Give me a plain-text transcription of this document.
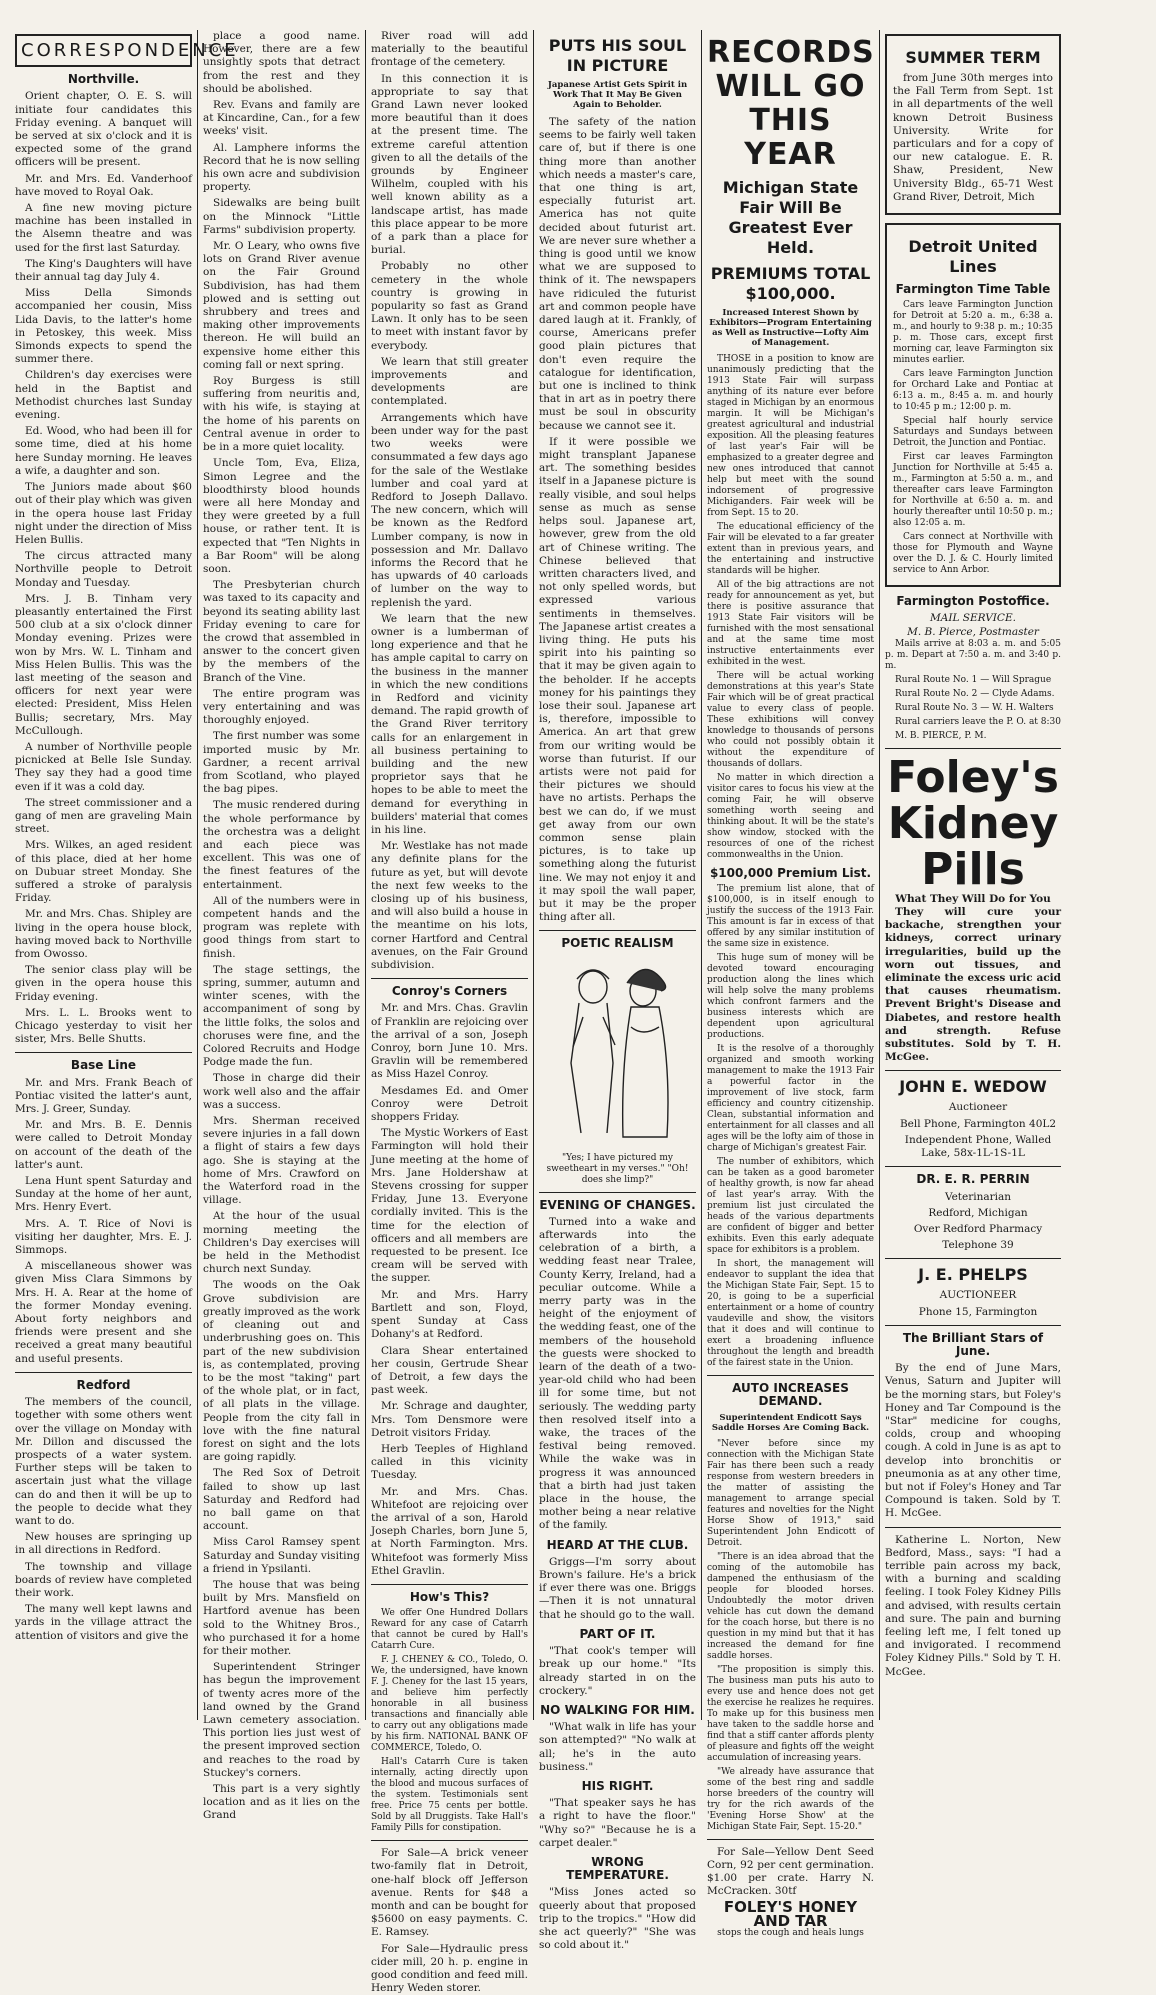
CORRESPONDENCE
Northville.

Orient chapter, O. E. S. will initiate four candidates this Friday evening. A banquet will be served at six o'clock and it is expected some of the grand officers will be present.

Mr. and Mrs. Ed. Vanderhoof have moved to Royal Oak.

A fine new moving picture machine has been installed in the Alsemn theatre and was used for the first last Saturday.

The King's Daughters will have their annual tag day July 4.

Miss Della Simonds accompanied her cousin, Miss Lida Davis, to the latter's home in Petoskey, this week. Miss Simonds expects to spend the summer there.

Children's day exercises were held in the Baptist and Methodist churches last Sunday evening.

Ed. Wood, who had been ill for some time, died at his home here Sunday morning. He leaves a wife, a daughter and son.

The Juniors made about $60 out of their play which was given in the opera house last Friday night under the direction of Miss Helen Bullis.

The circus attracted many Northville people to Detroit Monday and Tuesday.

Mrs. J. B. Tinham very pleasantly entertained the First 500 club at a six o'clock dinner Monday evening. Prizes were won by Mrs. W. L. Tinham and Miss Helen Bullis. This was the last meeting of the season and officers for next year were elected: President, Miss Helen Bullis; secretary, Mrs. May McCullough.

A number of Northville people picnicked at Belle Isle Sunday. They say they had a good time even if it was a cold day.

The street commissioner and a gang of men are graveling Main street.

Mrs. Wilkes, an aged resident of this place, died at her home on Dubuar street Monday. She suffered a stroke of paralysis Friday.

Mr. and Mrs. Chas. Shipley are living in the opera house block, having moved back to Northville from Owosso.

The senior class play will be given in the opera house this Friday evening.

Mrs. L. L. Brooks went to Chicago yesterday to visit her sister, Mrs. Belle Shutts.

Base Line

Mr. and Mrs. Frank Beach of Pontiac visited the latter's aunt, Mrs. J. Greer, Sunday.

Mr. and Mrs. B. E. Dennis were called to Detroit Monday on account of the death of the latter's aunt.

Lena Hunt spent Saturday and Sunday at the home of her aunt, Mrs. Henry Evert.

Mrs. A. T. Rice of Novi is visiting her daughter, Mrs. E. J. Simmops.

A miscellaneous shower was given Miss Clara Simmons by Mrs. H. A. Rear at the home of the former Monday evening. About forty neighbors and friends were present and she received a great many beautiful and useful presents.

Redford

The members of the council, together with some others went over the village on Monday with Mr. Dillon and discussed the prospects of a water system. Further steps will be taken to ascertain just what the village can do and then it will be up to the people to decide what they want to do.

New houses are springing up in all directions in Redford.

The township and village boards of review have completed their work.

The many well kept lawns and yards in the village attract the attention of visitors and give the

place a good name. However, there are a few unsightly spots that detract from the rest and they should be abolished.

Rev. Evans and family are at Kincardine, Can., for a few weeks' visit.

Al. Lamphere informs the Record that he is now selling his own acre and subdivision property.

Sidewalks are being built on the Minnock "Little Farms" subdivision property.

Mr. O Leary, who owns five lots on Grand River avenue on the Fair Ground Subdivision, has had them plowed and is setting out shrubbery and trees and making other improvements thereon. He will build an expensive home either this coming fall or next spring.

Roy Burgess is still suffering from neuritis and, with his wife, is staying at the home of his parents on Central avenue in order to be in a more quiet locality.

Uncle Tom, Eva, Eliza, Simon Legree and the bloodthirsty blood hounds were all here Monday and they were greeted by a full house, or rather tent. It is expected that "Ten Nights in a Bar Room" will be along soon.

The Presbyterian church was taxed to its capacity and beyond its seating ability last Friday evening to care for the crowd that assembled in answer to the concert given by the members of the Branch of the Vine.

The entire program was very entertaining and was thoroughly enjoyed.

The first number was some imported music by Mr. Gardner, a recent arrival from Scotland, who played the bag pipes.

The music rendered during the whole performance by the orchestra was a delight and each piece was excellent. This was one of the finest features of the entertainment.

All of the numbers were in competent hands and the program was replete with good things from start to finish.

The stage settings, the spring, summer, autumn and winter scenes, with the accompaniment of song by the little folks, the solos and choruses were fine, and the Colored Recruits and Hodge Podge made the fun.

Those in charge did their work well also and the affair was a success.

Mrs. Sherman received severe injuries in a fall down a flight of stairs a few days ago. She is staying at the home of Mrs. Crawford on the Waterford road in the village.

At the hour of the usual morning meeting the Children's Day exercises will be held in the Methodist church next Sunday.

The woods on the Oak Grove subdivision are greatly improved as the work of cleaning out and underbrushing goes on. This part of the new subdivision is, as contemplated, proving to be the most "taking" part of the whole plat, or in fact, of all plats in the village. People from the city fall in love with the fine natural forest on sight and the lots are going rapidly.

The Red Sox of Detroit failed to show up last Saturday and Redford had no ball game on that account.

Miss Carol Ramsey spent Saturday and Sunday visiting a friend in Ypsilanti.

The house that was being built by Mrs. Mansfield on Hartford avenue has been sold to the Whitney Bros., who purchased it for a home for their mother.

Superintendent Stringer has begun the improvement of twenty acres more of the land owned by the Grand Lawn cemetery association. This portion lies just west of the present improved section and reaches to the road by Stuckey's corners.

This part is a very sightly location and as it lies on the Grand

River road will add materially to the beautiful frontage of the cemetery.

In this connection it is appropriate to say that Grand Lawn never looked more beautiful than it does at the present time. The extreme careful attention given to all the details of the grounds by Engineer Wilhelm, coupled with his well known ability as a landscape artist, has made this place appear to be more of a park than a place for burial.

Probably no other cemetery in the whole country is growing in popularity so fast as Grand Lawn. It only has to be seen to meet with instant favor by everybody.

We learn that still greater improvements and developments are contemplated.

Arrangements which have been under way for the past two weeks were consummated a few days ago for the sale of the Westlake lumber and coal yard at Redford to Joseph Dallavo. The new concern, which will be known as the Redford Lumber company, is now in possession and Mr. Dallavo informs the Record that he has upwards of 40 carloads of lumber on the way to replenish the yard.

We learn that the new owner is a lumberman of long experience and that he has ample capital to carry on the business in the manner in which the new conditions in Redford and vicinity demand. The rapid growth of the Grand River territory calls for an enlargement in all business pertaining to building and the new proprietor says that he hopes to be able to meet the demand for everything in builders' material that comes in his line.

Mr. Westlake has not made any definite plans for the future as yet, but will devote the next few weeks to the closing up of his business, and will also build a house in the meantime on his lots, corner Hartford and Central avenues, on the Fair Ground subdivision.

Conroy's Corners

Mr. and Mrs. Chas. Gravlin of Franklin are rejoicing over the arrival of a son, Joseph Conroy, born June 10. Mrs. Gravlin will be remembered as Miss Hazel Conroy.

Mesdames Ed. and Omer Conroy were Detroit shoppers Friday.

The Mystic Workers of East Farmington will hold their June meeting at the home of Mrs. Jane Holdershaw at Stevens crossing for supper Friday, June 13. Everyone cordially invited. This is the time for the election of officers and all members are requested to be present. Ice cream will be served with the supper.

Mr. and Mrs. Harry Bartlett and son, Floyd, spent Sunday at Cass Dohany's at Redford.

Clara Shear entertained her cousin, Gertrude Shear of Detroit, a few days the past week.

Mr. Schrage and daughter, Mrs. Tom Densmore were Detroit visitors Friday.

Herb Teeples of Highland called in this vicinity Tuesday.

Mr. and Mrs. Chas. Whitefoot are rejoicing over the arrival of a son, Harold Joseph Charles, born June 5, at North Farmington. Mrs. Whitefoot was formerly Miss Ethel Gravlin.

How's This?

We offer One Hundred Dollars Reward for any case of Catarrh that cannot be cured by Hall's Catarrh Cure.

F. J. CHENEY & CO., Toledo, O. We, the undersigned, have known F. J. Cheney for the last 15 years, and believe him perfectly honorable in all business transactions and financially able to carry out any obligations made by his firm. NATIONAL BANK OF COMMERCE, Toledo, O.

Hall's Catarrh Cure is taken internally, acting directly upon the blood and mucous surfaces of the system. Testimonials sent free. Price 75 cents per bottle. Sold by all Druggists. Take Hall's Family Pills for constipation.

For Sale—A brick veneer two-family flat in Detroit, one-half block off Jefferson avenue. Rents for $48 a month and can be bought for $5600 on easy payments. C. E. Ramsey.

For Sale—Hydraulic press cider mill, 20 h. p. engine in good condition and feed mill. Henry Weden storer.

PUTS HIS SOUL IN PICTURE
Japanese Artist Gets Spirit in Work That It May Be Given Again to Beholder.

The safety of the nation seems to be fairly well taken care of, but if there is one thing more than another which needs a master's care, that one thing is art, especially futurist art. America has not quite decided about futurist art. We are never sure whether a thing is good until we know what we are supposed to think of it. The newspapers have ridiculed the futurist art and common people have dared laugh at it. Frankly, of course, Americans prefer good plain pictures that don't even require the catalogue for identification, but one is inclined to think that in art as in poetry there must be soul in obscurity because we cannot see it.

If it were possible we might transplant Japanese art. The something besides itself in a Japanese picture is really visible, and soul helps sense as much as sense helps soul. Japanese art, however, grew from the old art of Chinese writing. The Chinese believed that written characters lived, and not only spelled words, but expressed various sentiments in themselves. The Japanese artist creates a living thing. He puts his spirit into his painting so that it may be given again to the beholder. If he accepts money for his paintings they lose their soul. Japanese art is, therefore, impossible to America. An art that grew from our writing would be worse than futurist. If our artists were not paid for their pictures we should have no artists. Perhaps the best we can do, if we must get away from our own common sense plain pictures, is to take up something along the futurist line. We may not enjoy it and it may spoil the wall paper, but it may be the proper thing after all.

POETIC REALISM
"Yes; I have pictured my sweetheart in my verses." "Oh! does she limp?"
EVENING OF CHANGES.

Turned into a wake and afterwards into the celebration of a birth, a wedding feast near Tralee, County Kerry, Ireland, had a peculiar outcome. While a merry party was in the height of the enjoyment of the wedding feast, one of the members of the household the guests were shocked to learn of the death of a two-year-old child who had been ill for some time, but not seriously. The wedding party then resolved itself into a wake, the traces of the festival being removed. While the wake was in progress it was announced that a birth had just taken place in the house, the mother being a near relative of the family.

HEARD AT THE CLUB.

Griggs—I'm sorry about Brown's failure. He's a brick if ever there was one. Briggs—Then it is not unnatural that he should go to the wall.

PART OF IT.

"That cook's temper will break up our home." "Its already started in on the crockery."

NO WALKING FOR HIM.

"What walk in life has your son attempted?" "No walk at all; he's in the auto business."

HIS RIGHT.

"That speaker says he has a right to have the floor." "Why so?" "Because he is a carpet dealer."

WRONG TEMPERATURE.

"Miss Jones acted so queerly about that proposed trip to the tropics." "How did she act queerly?" "She was so cold about it."

RECORDS WILL GO THIS YEAR
Michigan State Fair Will Be Greatest Ever Held.
PREMIUMS TOTAL $100,000.
Increased Interest Shown by Exhibitors—Program Entertaining as Well as Instructive—Lofty Aim of Management.

THOSE in a position to know are unanimously predicting that the 1913 State Fair will surpass anything of its nature ever before staged in Michigan by an enormous margin. It will be Michigan's greatest agricultural and industrial exposition. All the pleasing features of last year's Fair will be emphasized to a greater degree and new ones introduced that cannot help but meet with the sound indorsement of progressive Michiganders. Fair week will be from Sept. 15 to 20.

The educational efficiency of the Fair will be elevated to a far greater extent than in previous years, and the entertaining and instructive standards will be higher.

All of the big attractions are not ready for announcement as yet, but there is positive assurance that 1913 State Fair visitors will be furnished with the most sensational and at the same time most instructive entertainments ever exhibited in the west.

There will be actual working demonstrations at this year's State Fair which will be of great practical value to every class of people. These exhibitions will convey knowledge to thousands of persons who could not possibly obtain it without the expenditure of thousands of dollars.

No matter in which direction a visitor cares to focus his view at the coming Fair, he will observe something worth seeing and thinking about. It will be the state's show window, stocked with the resources of one of the richest commonwealths in the Union.

$100,000 Premium List.

The premium list alone, that of $100,000, is in itself enough to justify the success of the 1913 Fair. This amount is far in excess of that offered by any similar institution of the same size in existence.

This huge sum of money will be devoted toward encouraging production along the lines which will help solve the many problems which confront farmers and the business interests which are dependent upon agricultural productions.

It is the resolve of a thoroughly organized and smooth working management to make the 1913 Fair a powerful factor in the improvement of live stock, farm efficiency and country citizenship. Clean, substantial information and entertainment for all classes and all ages will be the lofty aim of those in charge of Michigan's greatest Fair.

The number of exhibitors, which can be taken as a good barometer of healthy growth, is now far ahead of last year's array. With the premium list just circulated the heads of the various departments are confident of bigger and better exhibits. Even this early adequate space for exhibitors is a problem.

In short, the management will endeavor to supplant the idea that the Michigan State Fair, Sept. 15 to 20, is going to be a superficial entertainment or a home of country vaudeville and show, the visitors that it does and will continue to exert a broadening influence throughout the length and breadth of the fairest state in the Union.

AUTO INCREASES DEMAND.
Superintendent Endicott Says Saddle Horses Are Coming Back.

"Never before since my connection with the Michigan State Fair has there been such a ready response from western breeders in the matter of assisting the management to arrange special features and novelties for the Night Horse Show of 1913," said Superintendent John Endicott of Detroit.

"There is an idea abroad that the coming of the automobile has dampened the enthusiasm of the people for blooded horses. Undoubtedly the motor driven vehicle has cut down the demand for the coach horse, but there is no question in my mind but that it has increased the demand for fine saddle horses.

"The proposition is simply this. The business man puts his auto to every use and hence does not get the exercise he realizes he requires. To make up for this business men have taken to the saddle horse and find that a stiff canter affords plenty of pleasure and fights off the weight accumulation of increasing years.

"We already have assurance that some of the best ring and saddle horse breeders of the country will try for the rich awards of the 'Evening Horse Show' at the Michigan State Fair, Sept. 15-20."

For Sale—Yellow Dent Seed Corn, 92 per cent germination. $1.00 per crate. Harry N. McCracken. 30tf

FOLEY'S HONEY AND TAR
stops the cough and heals lungs
SUMMER TERM

from June 30th merges into the Fall Term from Sept. 1st in all departments of the well known Detroit Business University. Write for particulars and for a copy of our new catalogue. E. R. Shaw, President, New University Bldg., 65-71 West Grand River, Detroit, Mich

Detroit United Lines
Farmington Time Table

Cars leave Farmington Junction for Detroit at 5:20 a. m., 6:38 a. m., and hourly to 9:38 p. m.; 10:35 p. m. Those cars, except first morning car, leave Farmington six minutes earlier.

Cars leave Farmington Junction for Orchard Lake and Pontiac at 6:13 a. m., 8:45 a. m. and hourly to 10:45 p m.; 12:00 p. m.

Special half hourly service Saturdays and Sundays between Detroit, the Junction and Pontiac.

First car leaves Farmington Junction for Northville at 5:45 a. m., Farmington at 5:50 a. m., and thereafter cars leave Farmington for Northville at 6:50 a. m. and hourly thereafter until 10:50 p. m.; also 12:05 a. m.

Cars connect at Northville with those for Plymouth and Wayne over the D. J. & C. Hourly limited service to Ann Arbor.

Farmington Postoffice.
MAIL SERVICE.
M. B. Pierce, Postmaster

Mails arrive at 8:03 a. m. and 5:05 p. m. Depart at 7:50 a. m. and 3:40 p. m.

Rural Route No. 1 — Will Sprague

Rural Route No. 2 — Clyde Adams.

Rural Route No. 3 — W. H. Walters

Rural carriers leave the P. O. at 8:30

M. B. PIERCE, P. M.

Foley's Kidney Pills
What They Will Do for You

They will cure your backache, strengthen your kidneys, correct urinary irregularities, build up the worn out tissues, and eliminate the excess uric acid that causes rheumatism. Prevent Bright's Disease and Diabetes, and restore health and strength. Refuse substitutes. Sold by T. H. McGee.

JOHN E. WEDOW

Auctioneer

Bell Phone, Farmington 40L2

Independent Phone, Walled Lake, 58x-1L-1S-1L

DR. E. R. PERRIN

Veterinarian

Redford, Michigan

Over Redford Pharmacy

Telephone 39

J. E. PHELPS

AUCTIONEER

Phone 15, Farmington

The Brilliant Stars of June.

By the end of June Mars, Venus, Saturn and Jupiter will be the morning stars, but Foley's Honey and Tar Compound is the "Star" medicine for coughs, colds, croup and whooping cough. A cold in June is as apt to develop into bronchitis or pneumonia as at any other time, but not if Foley's Honey and Tar Compound is taken. Sold by T. H. McGee.

Katherine L. Norton, New Bedford, Mass., says: "I had a terrible pain across my back, with a burning and scalding feeling. I took Foley Kidney Pills and advised, with results certain and sure. The pain and burning feeling left me, I felt toned up and invigorated. I recommend Foley Kidney Pills." Sold by T. H. McGee.
